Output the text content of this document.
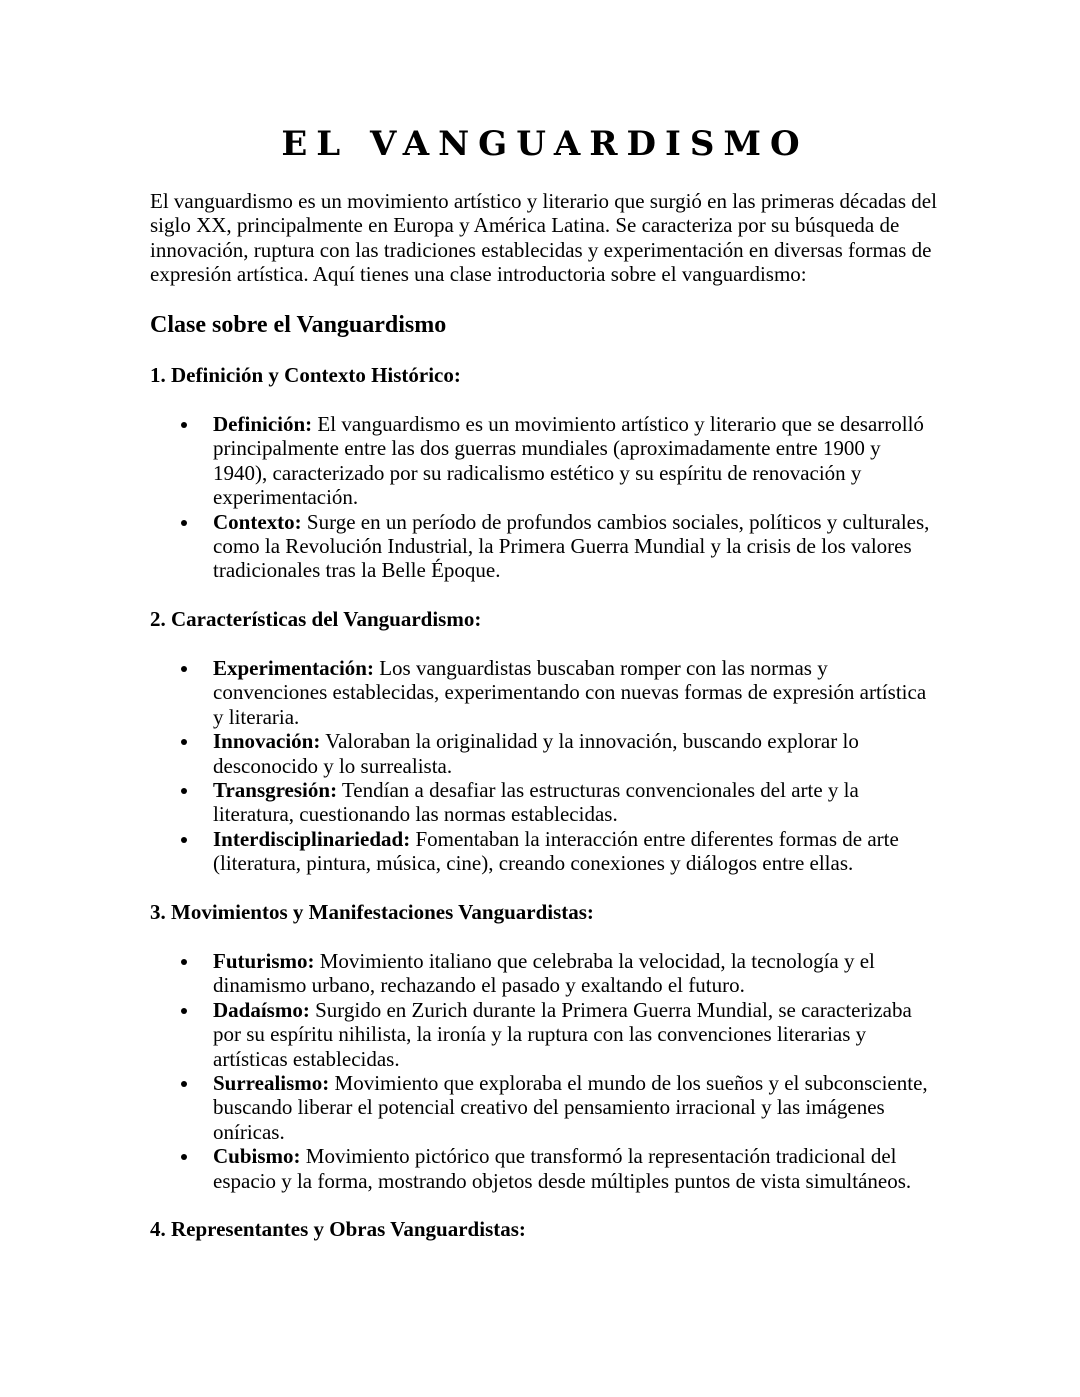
EL VANGUARDISMO

El vanguardismo es un movimiento artístico y literario que surgió en las primeras décadas del siglo XX, principalmente en Europa y América Latina. Se caracteriza por su búsqueda de innovación, ruptura con las tradiciones establecidas y experimentación en diversas formas de expresión artística. Aquí tienes una clase introductoria sobre el vanguardismo:

Clase sobre el Vanguardismo
1. Definición y Contexto Histórico:
Definición: El vanguardismo es un movimiento artístico y literario que se desarrolló principalmente entre las dos guerras mundiales (aproximadamente entre 1900 y 1940), caracterizado por su radicalismo estético y su espíritu de renovación y experimentación.
Contexto: Surge en un período de profundos cambios sociales, políticos y culturales, como la Revolución Industrial, la Primera Guerra Mundial y la crisis de los valores tradicionales tras la Belle Époque.
2. Características del Vanguardismo:
Experimentación: Los vanguardistas buscaban romper con las normas y convenciones establecidas, experimentando con nuevas formas de expresión artística y literaria.
Innovación: Valoraban la originalidad y la innovación, buscando explorar lo desconocido y lo surrealista.
Transgresión: Tendían a desafiar las estructuras convencionales del arte y la literatura, cuestionando las normas establecidas.
Interdisciplinariedad: Fomentaban la interacción entre diferentes formas de arte (literatura, pintura, música, cine), creando conexiones y diálogos entre ellas.
3. Movimientos y Manifestaciones Vanguardistas:
Futurismo: Movimiento italiano que celebraba la velocidad, la tecnología y el dinamismo urbano, rechazando el pasado y exaltando el futuro.
Dadaísmo: Surgido en Zurich durante la Primera Guerra Mundial, se caracterizaba por su espíritu nihilista, la ironía y la ruptura con las convenciones literarias y artísticas establecidas.
Surrealismo: Movimiento que exploraba el mundo de los sueños y el subconsciente, buscando liberar el potencial creativo del pensamiento irracional y las imágenes oníricas.
Cubismo: Movimiento pictórico que transformó la representación tradicional del espacio y la forma, mostrando objetos desde múltiples puntos de vista simultáneos.
4. Representantes y Obras Vanguardistas:
